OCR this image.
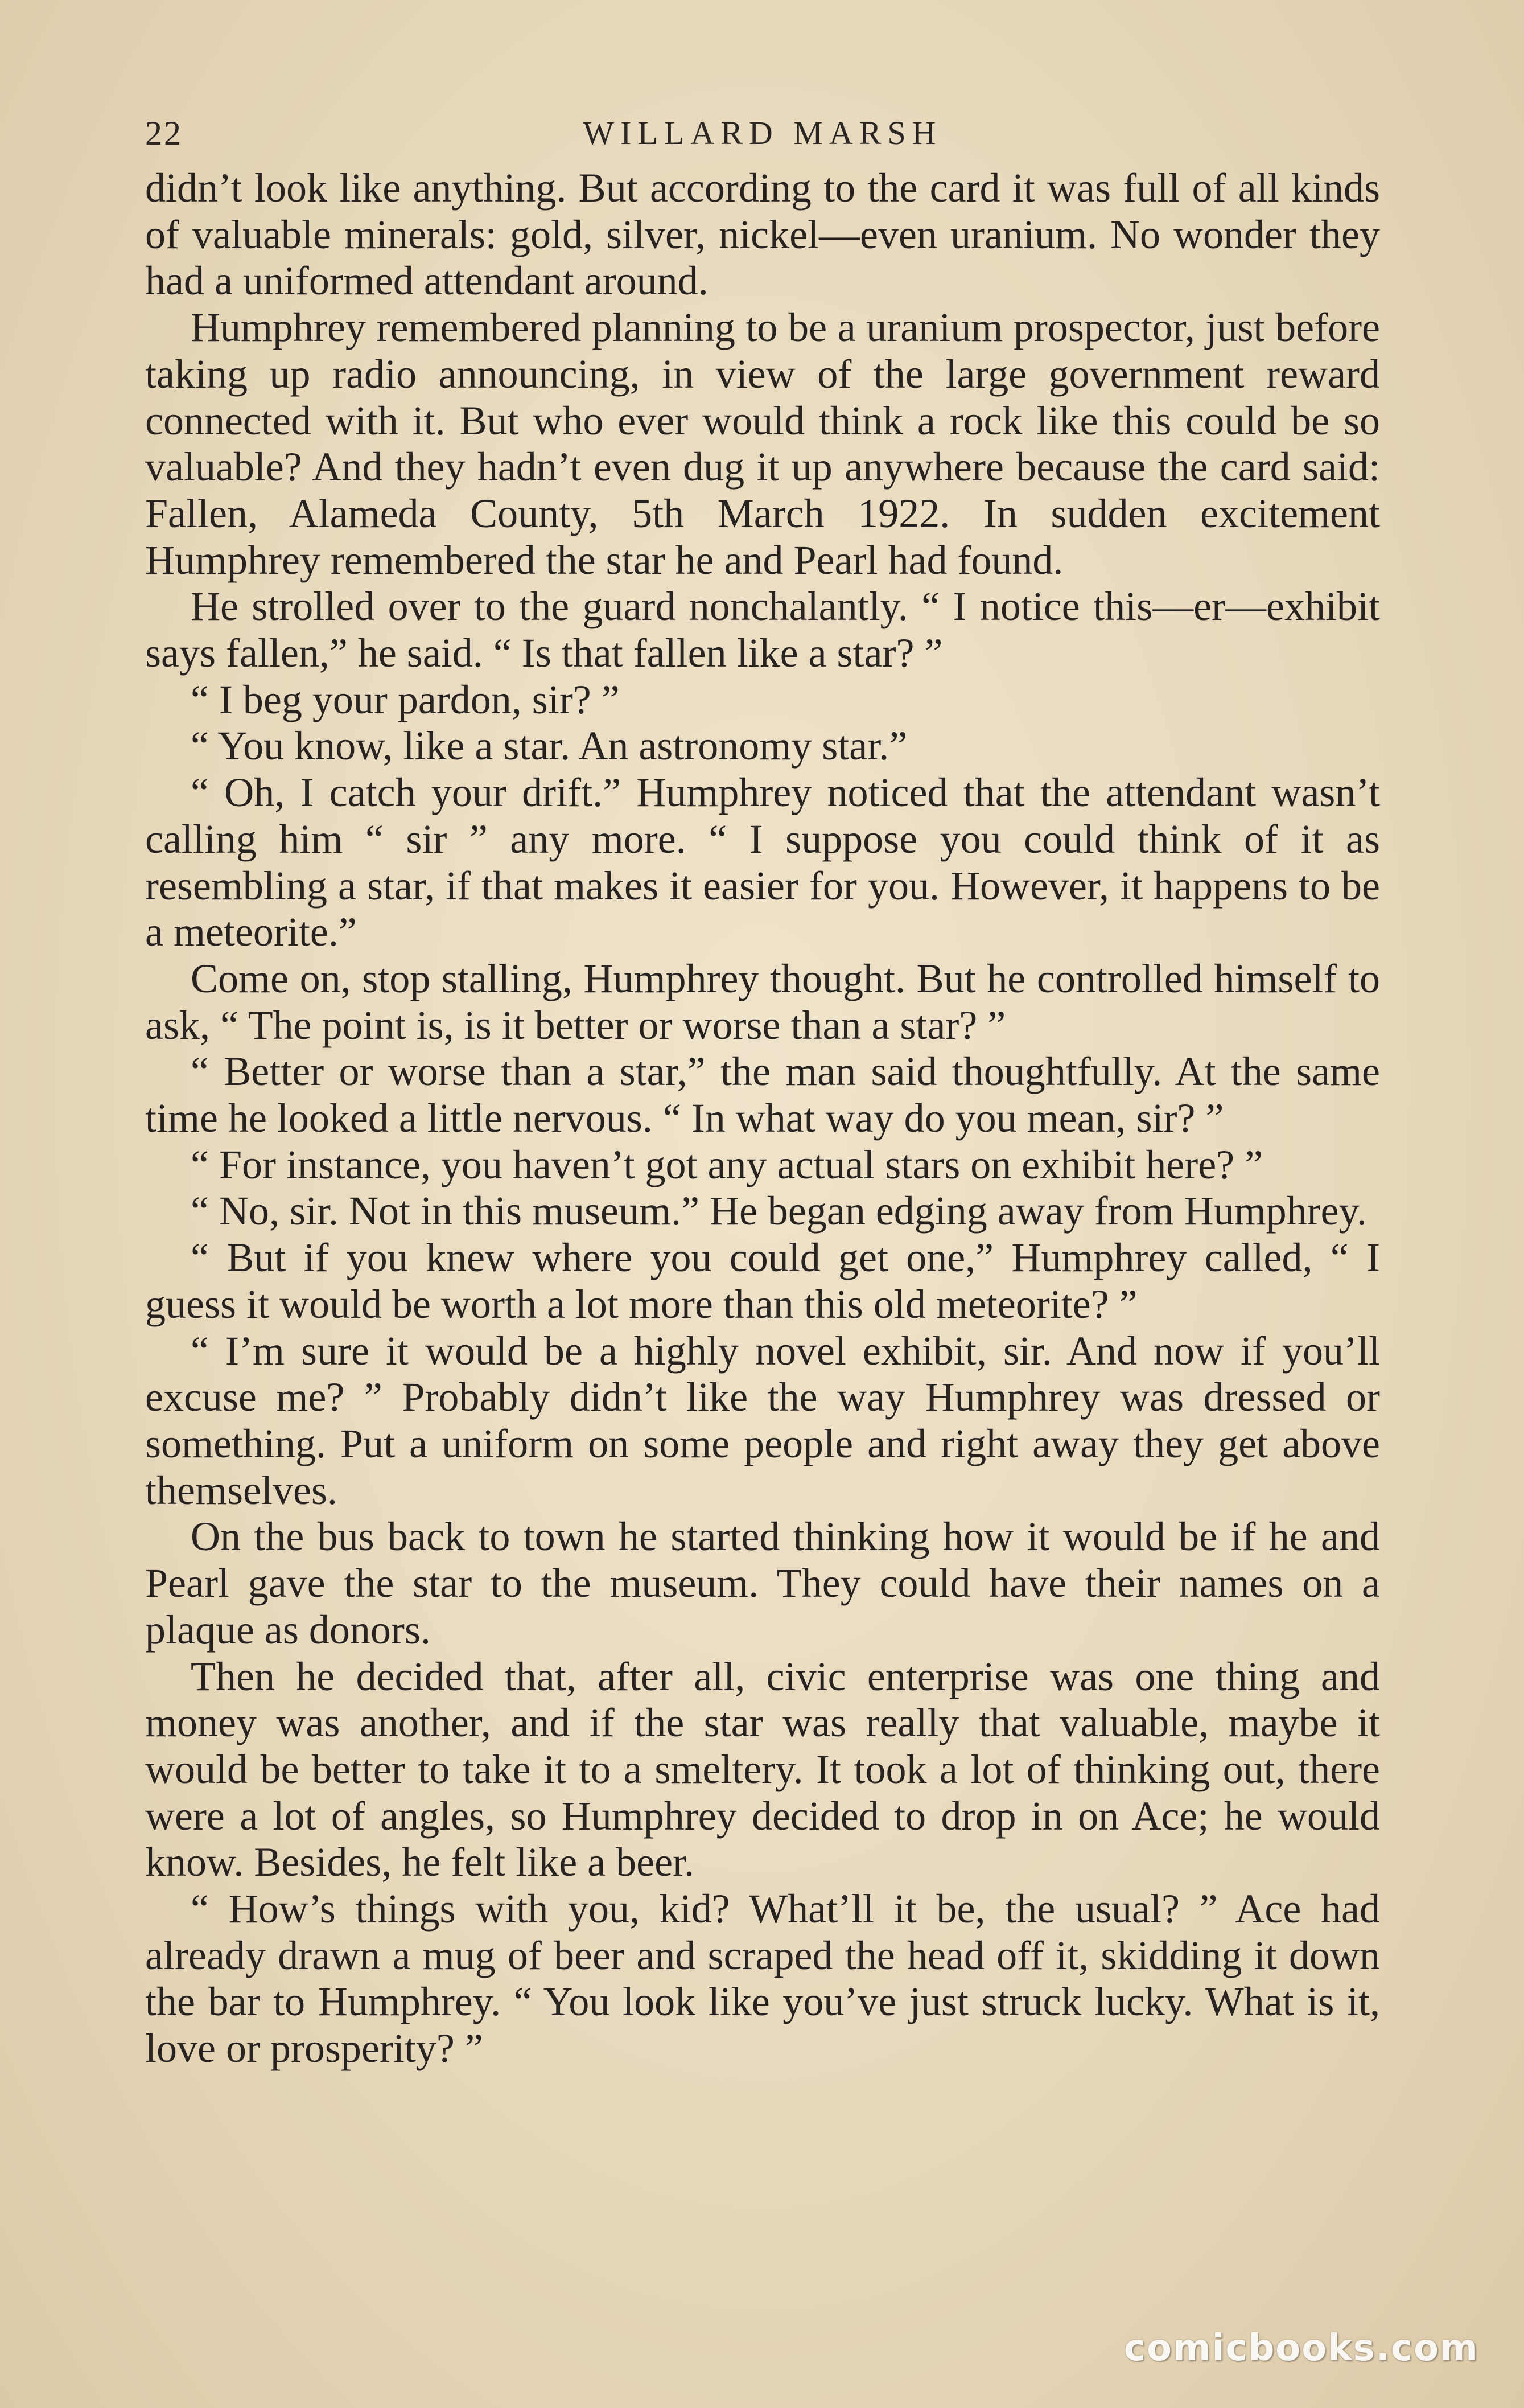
22	WILLARD MARSH

didn’t look like anything. But according to the card it was full of all kinds of valuable minerals: gold, silver, nickel—even uranium. No wonder they had a uniformed attendant around.

Humphrey remembered planning to be a uranium prospector, just before taking up radio announcing, in view of the large government reward connected with it. But who ever would think a rock like this could be so valuable? And they hadn’t even dug it up anywhere because the card said: Fallen, Alameda County, 5th March 1922. In sudden excitement Humphrey remembered the star he and Pearl had found.

He strolled over to the guard nonchalantly. “ I notice this—er—exhibit says fallen,” he said. “ Is that fallen like a star? ”

“ I beg your pardon, sir? ”

“ You know, like a star. An astronomy star.”

“ Oh, I catch your drift.” Humphrey noticed that the attendant wasn’t calling him “ sir ” any more. “ I suppose you could think of it as resembling a star, if that makes it easier for you. However, it happens to be a meteorite.”

Come on, stop stalling, Humphrey thought. But he controlled himself to ask, “ The point is, is it better or worse than a star? ”

“ Better or worse than a star,” the man said thoughtfully. At the same time he looked a little nervous. “ In what way do you mean, sir? ”

“ For instance, you haven’t got any actual stars on exhibit here? ”

“ No, sir. Not in this museum.” He began edging away from Humphrey.

“ But if you knew where you could get one,” Humphrey called, “ I guess it would be worth a lot more than this old meteorite? ”

“ I’m sure it would be a highly novel exhibit, sir. And now if you’ll excuse me? ” Probably didn’t like the way Humphrey was dressed or something. Put a uniform on some people and right away they get above themselves.

On the bus back to town he started thinking how it would be if he and Pearl gave the star to the museum. They could have their names on a plaque as donors.

Then he decided that, after all, civic enterprise was one thing and money was another, and if the star was really that valuable, maybe it would be better to take it to a smeltery. It took a lot of thinking out, there were a lot of angles, so Humphrey decided to drop in on Ace; he would know. Besides, he felt like a beer.

“ How’s things with you, kid? What’ll it be, the usual? ” Ace had already drawn a mug of beer and scraped the head off it, skidding it down the bar to Humphrey. “ You look like you’ve just struck lucky. What is it, love or prosperity? ”

comicbooks.com
